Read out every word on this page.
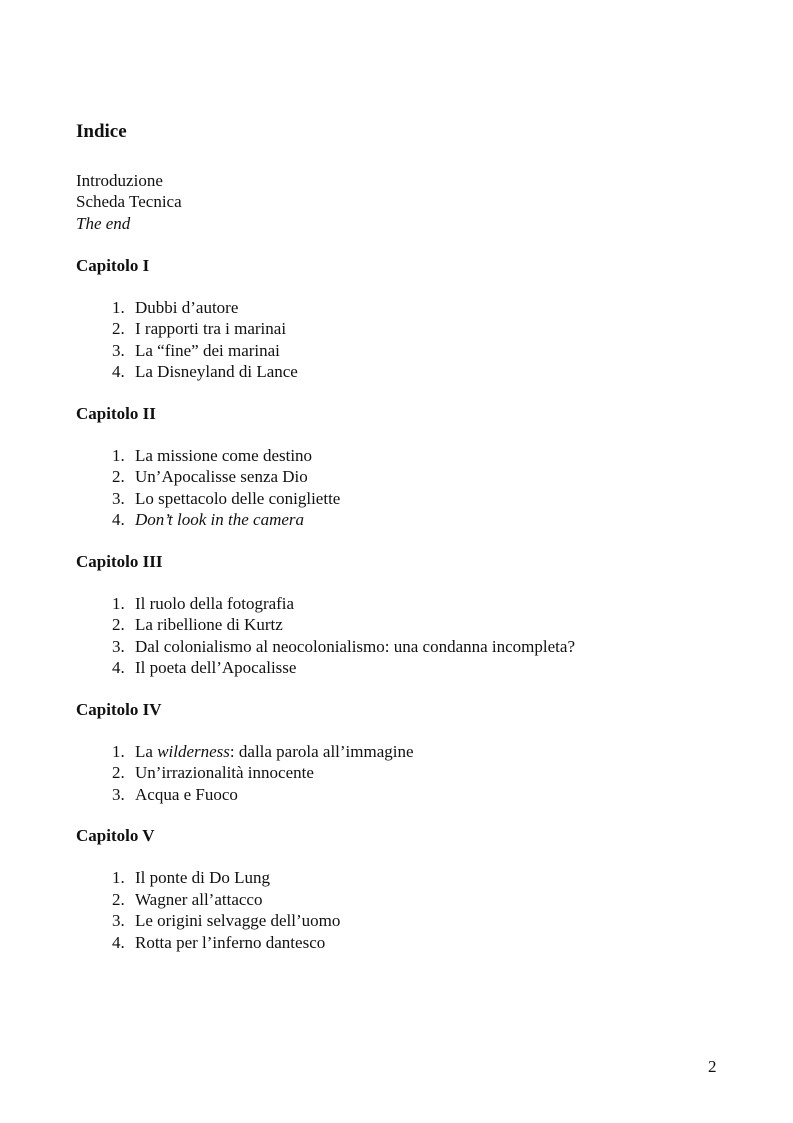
Indice
Introduzione
Scheda Tecnica
The end
Capitolo I
1. Dubbi d’autore
2. I rapporti tra i marinai
3. La “fine” dei marinai
4. La Disneyland di Lance
Capitolo II
1. La missione come destino
2. Un’Apocalisse senza Dio
3. Lo spettacolo delle conigliette
4. Don’t look in the camera
Capitolo III
1. Il ruolo della fotografia
2. La ribellione di Kurtz
3. Dal colonialismo al neocolonialismo: una condanna incompleta?
4. Il poeta dell’Apocalisse
Capitolo IV
1. La wilderness: dalla parola all’immagine
2. Un’irrazionalità innocente
3. Acqua e Fuoco
Capitolo V
1. Il ponte di Do Lung
2. Wagner all’attacco
3. Le origini selvagge dell’uomo
4. Rotta per l’inferno dantesco
2
